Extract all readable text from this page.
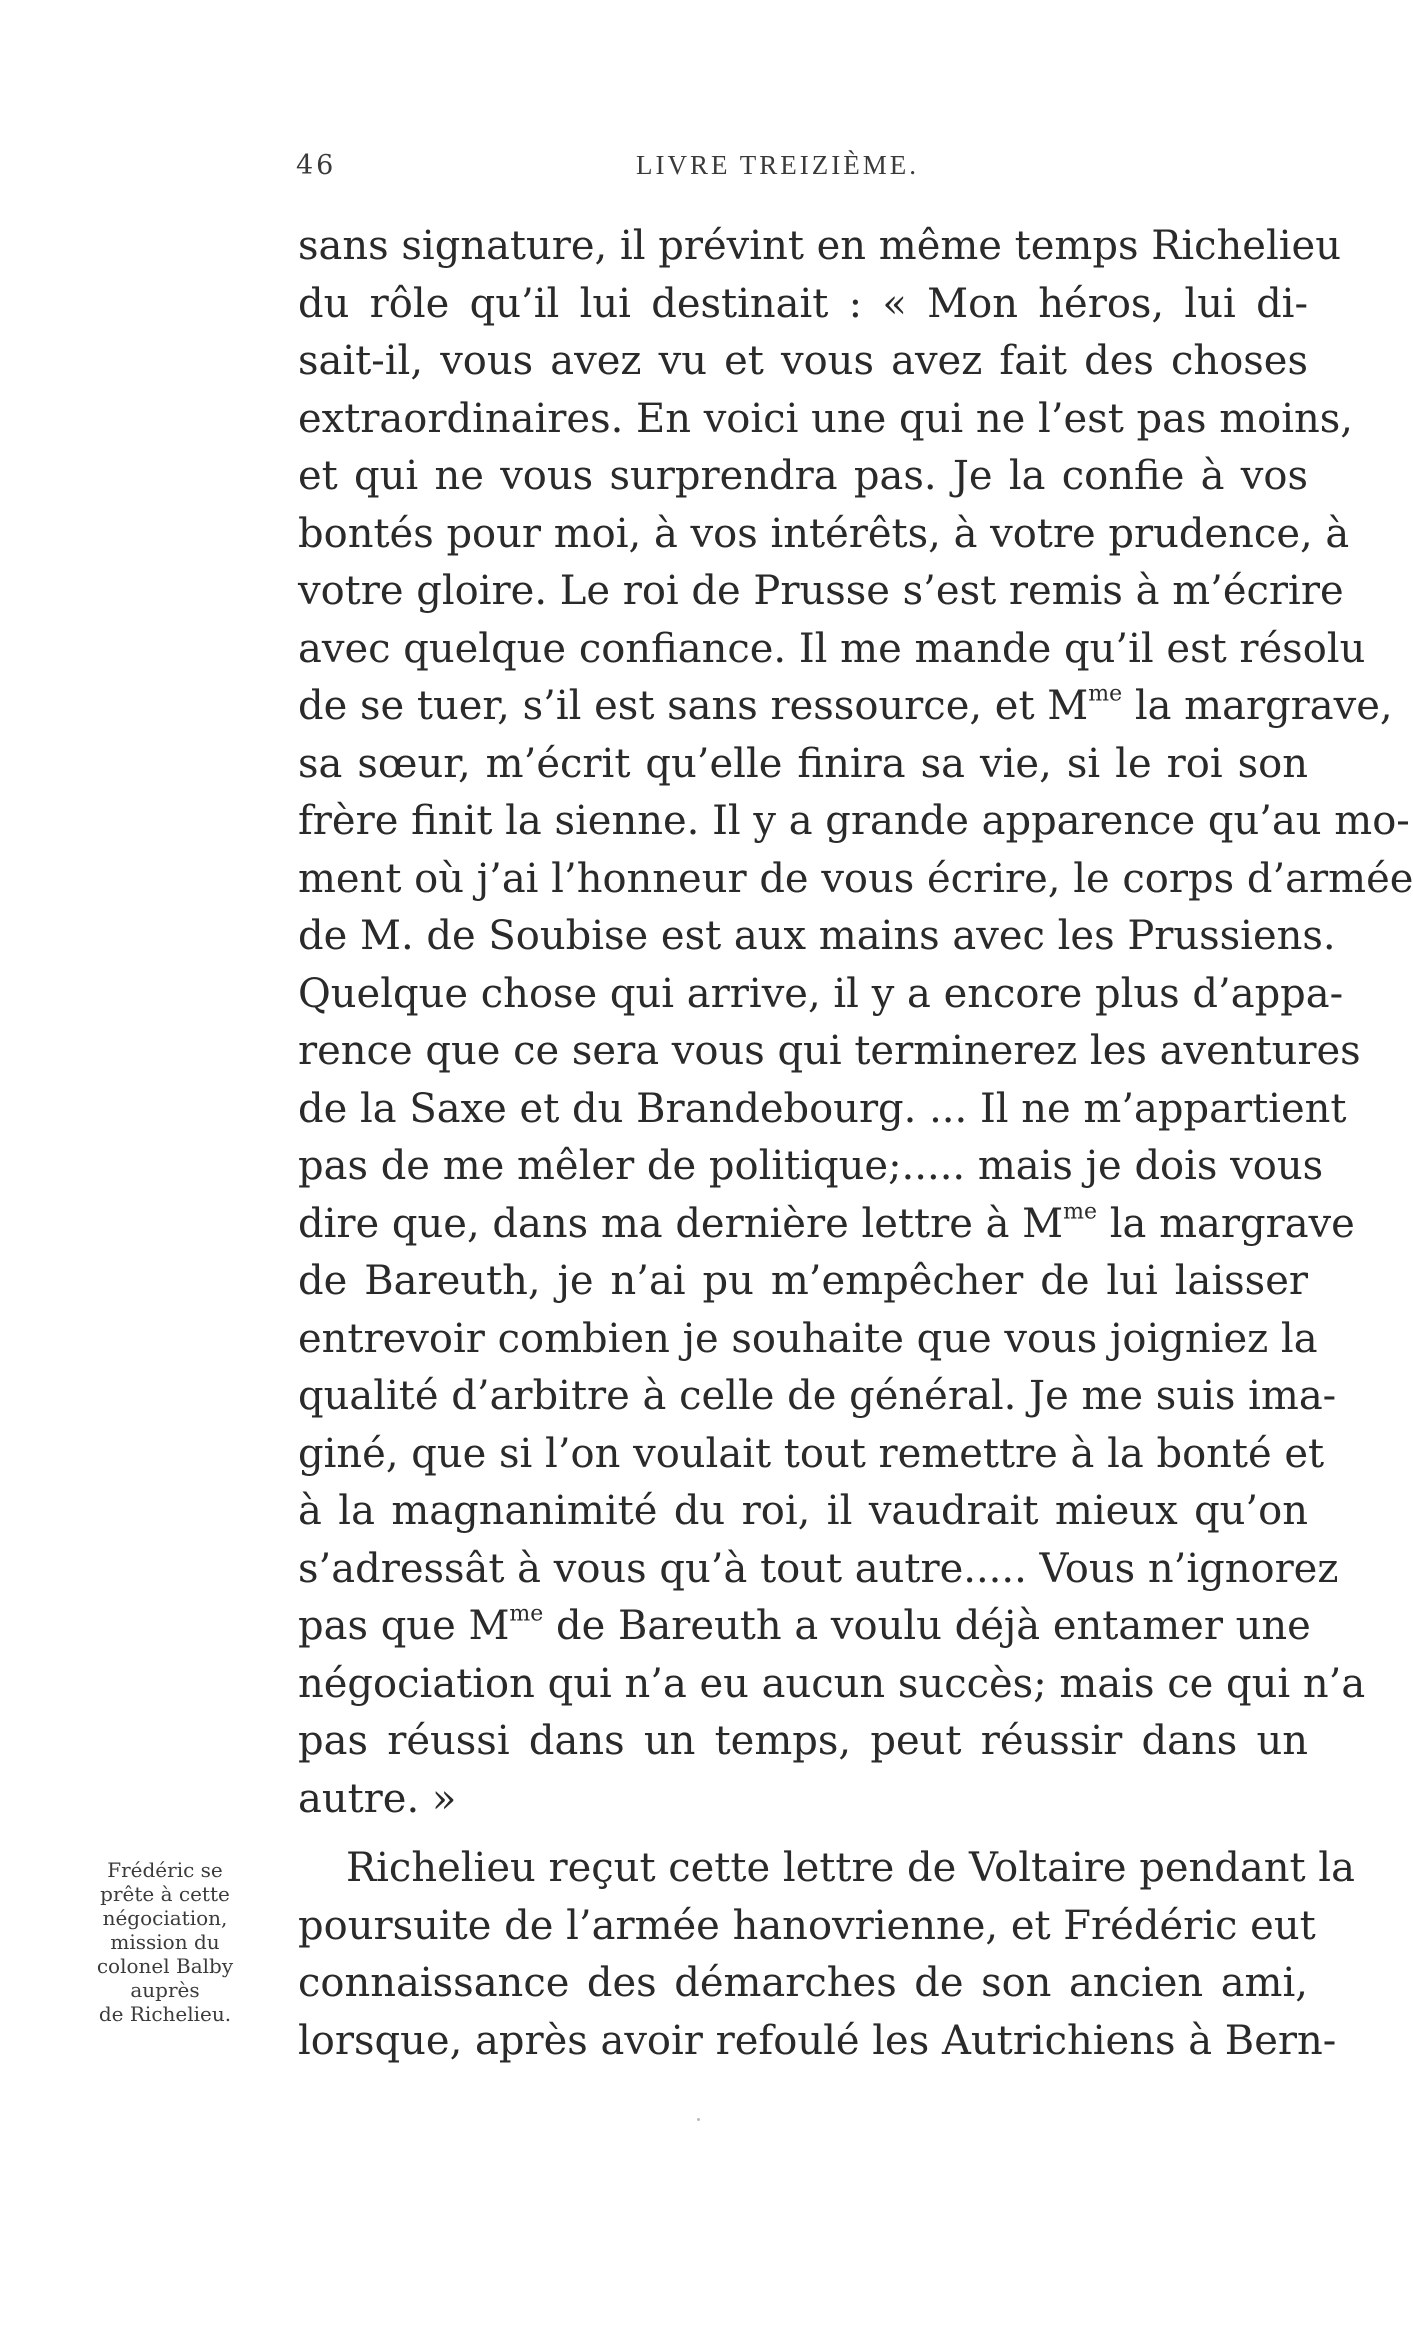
46	LIVRE TREIZIÈME.
sans signature, il prévint en même temps Richelieu
du rôle qu’il lui destinait : « Mon héros, lui di-
sait-il, vous avez vu et vous avez fait des choses
extraordinaires. En voici une qui ne l’est pas moins,
et qui ne vous surprendra pas. Je la confie à vos
bontés pour moi, à vos intérêts, à votre prudence, à
votre gloire. Le roi de Prusse s’est remis à m’écrire
avec quelque confiance. Il me mande qu’il est résolu
de se tuer, s’il est sans ressource, et $M^{me}$ la margrave,
sa sœur, m’écrit qu’elle finira sa vie, si le roi son
frère finit la sienne. Il y a grande apparence qu’au mo-
ment où j’ai l’honneur de vous écrire, le corps d’armée
de M. de Soubise est aux mains avec les Prussiens.
Quelque chose qui arrive, il y a encore plus d’appa-
rence que ce sera vous qui terminerez les aventures
de la Saxe et du Brandebourg. ... Il ne m’appartient
pas de me mêler de politique;..... mais je dois vous
dire que, dans ma dernière lettre à $M^{me}$ la margrave
de Bareuth, je n’ai pu m’empêcher de lui laisser
entrevoir combien je souhaite que vous joigniez la
qualité d’arbitre à celle de général. Je me suis ima-
giné, que si l’on voulait tout remettre à la bonté et
à la magnanimité du roi, il vaudrait mieux qu’on
s’adressât à vous qu’à tout autre..... Vous n’ignorez
pas que $M^{me}$ de Bareuth a voulu déjà entamer une
négociation qui n’a eu aucun succès; mais ce qui n’a
pas réussi dans un temps, peut réussir dans un
autre. »
Richelieu reçut cette lettre de Voltaire pendant la
poursuite de l’armée hanovrienne, et Frédéric eut
connaissance des démarches de son ancien ami,
lorsque, après avoir refoulé les Autrichiens à Bern-
Frédéric se
prête à cette
négociation,
mission du
colonel Balby
auprès
de Richelieu.
